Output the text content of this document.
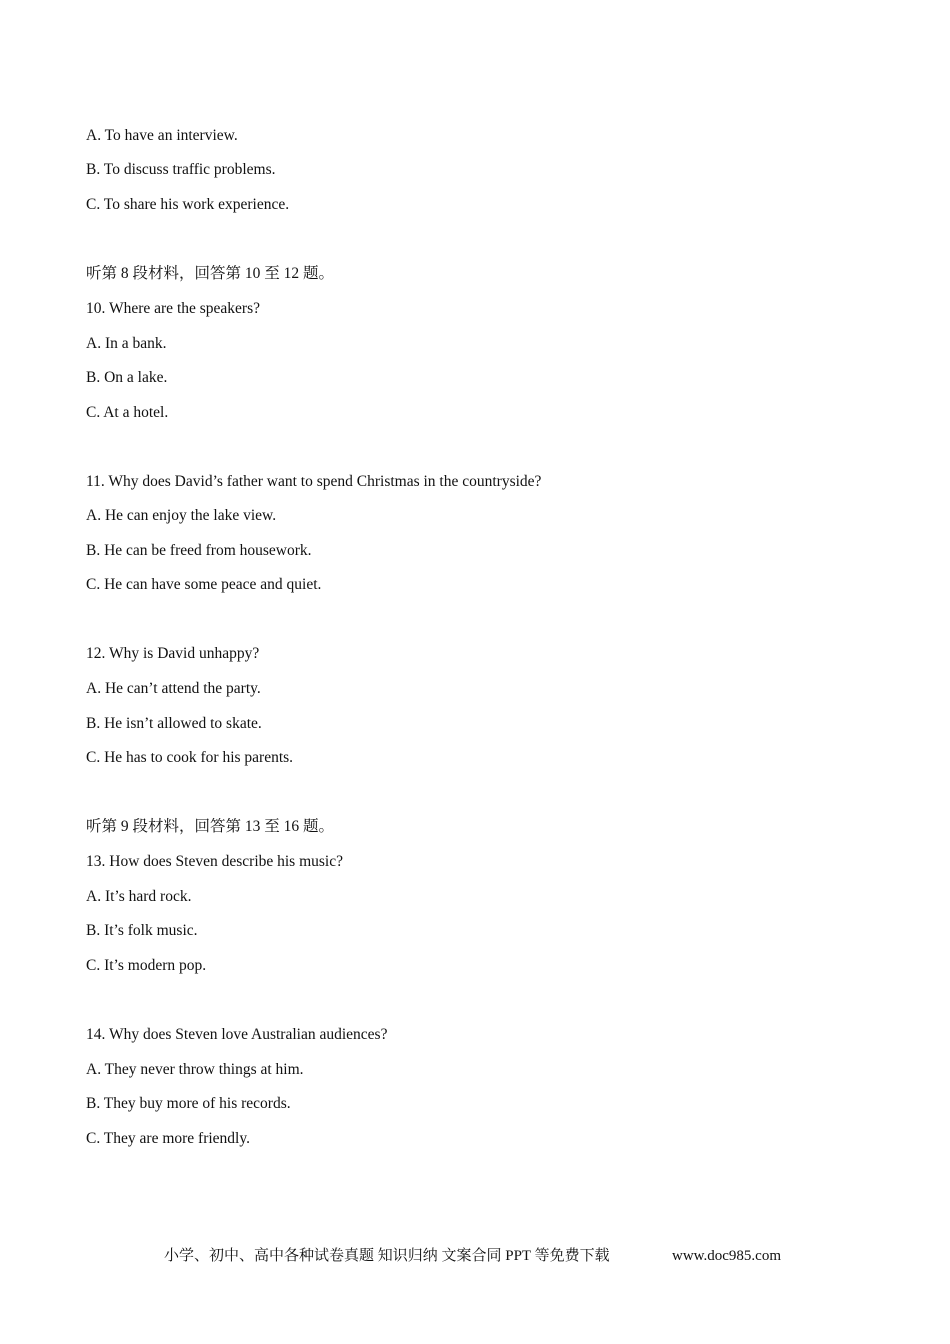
A. To have an interview.
B. To discuss traffic problems.
C. To share his work experience.
听第 8 段材料，回答第 10 至 12 题。
10. Where are the speakers?
A. In a bank.
B. On a lake.
C. At a hotel.
11. Why does David’s father want to spend Christmas in the countryside?
A. He can enjoy the lake view.
B. He can be freed from housework.
C. He can have some peace and quiet.
12. Why is David unhappy?
A. He can’t attend the party.
B. He isn’t allowed to skate.
C. He has to cook for his parents.
听第 9 段材料，回答第 13 至 16 题。
13. How does Steven describe his music?
A. It’s hard rock.
B. It’s folk music.
C. It’s modern pop.
14. Why does Steven love Australian audiences?
A. They never throw things at him.
B. They buy more of his records.
C. They are more friendly.
小学、初中、高中各种试卷真题 知识归纳 文案合同 PPT 等免费下载	www.doc985.com
